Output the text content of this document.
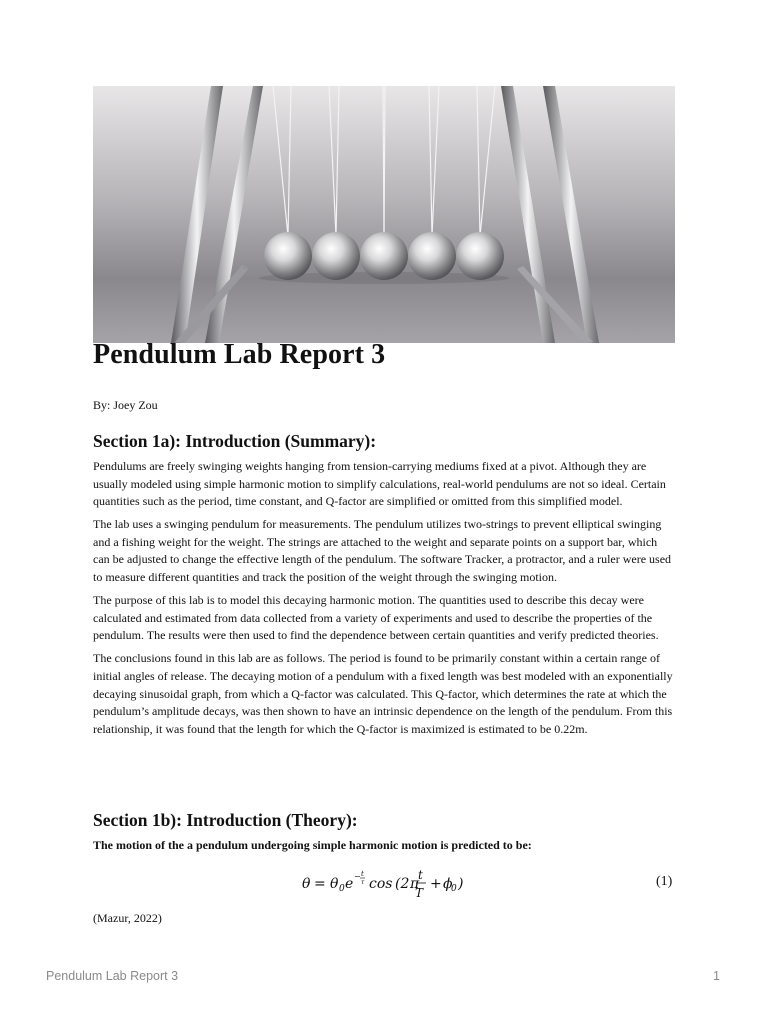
Pendulum Lab Report 3
By: Joey Zou
Section 1a): Introduction (Summary):

Pendulums are freely swinging weights hanging from tension-carrying mediums fixed at a pivot. Although they are usually modeled using simple harmonic motion to simplify calculations, real-world pendulums are not so ideal. Certain quantities such as the period, time constant, and Q-factor are simplified or omitted from this simplified model.

The lab uses a swinging pendulum for measurements. The pendulum utilizes two-strings to prevent elliptical swinging and a fishing weight for the weight. The strings are attached to the weight and separate points on a support bar, which can be adjusted to change the effective length of the pendulum. The software Tracker, a protractor, and a ruler were used to measure different quantities and track the position of the weight through the swinging motion.

The purpose of this lab is to model this decaying harmonic motion. The quantities used to describe this decay were calculated and estimated from data collected from a variety of experiments and used to describe the properties of the pendulum. The results were then used to find the dependence between certain quantities and verify predicted theories.

The conclusions found in this lab are as follows. The period is found to be primarily constant within a certain range of initial angles of release. The decaying motion of a pendulum with a fixed length was best modeled with an exponentially decaying sinusoidal graph, from which a Q-factor was calculated. This Q-factor, which determines the rate at which the pendulum’s amplitude decays, was then shown to have an intrinsic dependence on the length of the pendulum. From this relationship, it was found that the length for which the Q-factor is maximized is estimated to be 0.22m.

Section 1b): Introduction (Theory):
The motion of the a pendulum undergoing simple harmonic motion is predicted to be:
θ = θ 0 e − t
τ cos (2 π
t
T
+ ϕ
0 )	(1)
(Mazur, 2022)
Pendulum Lab Report 3	1
